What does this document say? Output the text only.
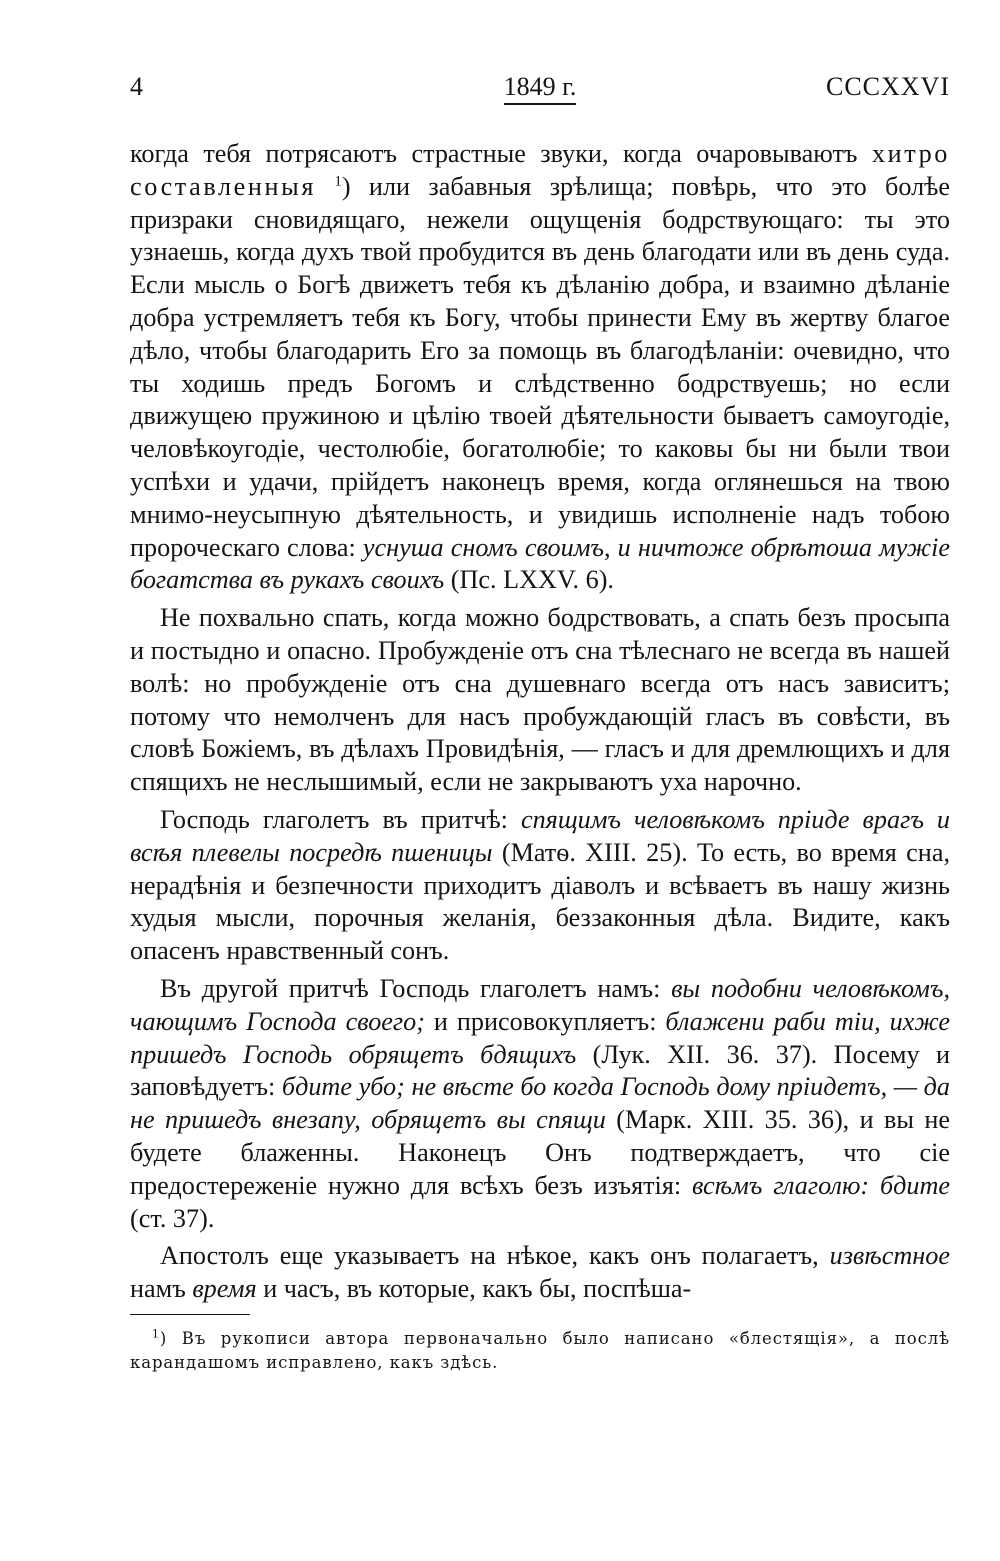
4	1849 г.	CCCXXVI

когда тебя потрясаютъ страстные звуки, когда очаровываютъ хитро составленныя $^1$) или забавныя зрѣлища; повѣрь, что это болѣе призраки сновидящаго, нежели ощущенія бодрствующаго: ты это узнаешь, когда духъ твой пробудится въ день благодати или въ день суда. Если мысль о Богѣ движетъ тебя къ дѣланію добра, и взаимно дѣланіе добра устремляетъ тебя къ Богу, чтобы принести Ему въ жертву благое дѣло, чтобы благодарить Его за помощь въ благодѣланіи: очевидно, что ты ходишь предъ Богомъ и слѣдственно бодрствуешь; но если движущею пружиною и цѣлію твоей дѣятельности бываетъ самоугодіе, человѣкоугодіе, честолюбіе, богатолюбіе; то каковы бы ни были твои успѣхи и удачи, прійдетъ наконецъ время, когда оглянешься на твою мнимо-неусыпную дѣятельность, и увидишь исполненіе надъ тобою пророческаго слова: уснуша сномъ своимъ, и ничтоже обрѣтоша мужіе богатства въ рукахъ своихъ (Пс. LXXV. 6).

Не похвально спать, когда можно бодрствовать, а спать безъ просыпа и постыдно и опасно. Пробужденіе отъ сна тѣлеснаго не всегда въ нашей волѣ: но пробужденіе отъ сна душевнаго всегда отъ насъ зависитъ; потому что немолченъ для насъ пробуждающій гласъ въ совѣсти, въ словѣ Божіемъ, въ дѣлахъ Провидѣнія, — гласъ и для дремлющихъ и для спящихъ не неслышимый, если не закрываютъ уха нарочно.

Господь глаголетъ въ притчѣ: спящимъ человѣкомъ пріиде врагъ и всѣя плевелы посредѣ пшеницы (Матѳ. XIII. 25). То есть, во время сна, нерадѣнія и безпечности приходитъ діаволъ и всѣваетъ въ нашу жизнь худыя мысли, порочныя желанія, беззаконныя дѣла. Видите, какъ опасенъ нравственный сонъ.

Въ другой притчѣ Господь глаголетъ намъ: вы подобни человѣкомъ, чающимъ Господа своего; и присовокупляетъ: блажени раби тіи, ихже пришедъ Господь обрящетъ бдящихъ (Лук. XII. 36. 37). Посему и заповѣдуетъ: бдите убо; не вѣсте бо когда Господь дому пріидетъ, — да не пришедъ внезапу, обрящетъ вы спящи (Марк. XIII. 35. 36), и вы не будете блаженны. Наконецъ Онъ подтверждаетъ, что сіе предостереженіе нужно для всѣхъ безъ изъятія: всѣмъ глаголю: бдите (ст. 37).

Апостолъ еще указываетъ на нѣкое, какъ онъ полагаетъ, извѣстное намъ время и часъ, въ которые, какъ бы, поспѣша-

$^1$) Въ рукописи автора первоначально было написано «блестящія», а послѣ карандашомъ исправлено, какъ здѣсь.
